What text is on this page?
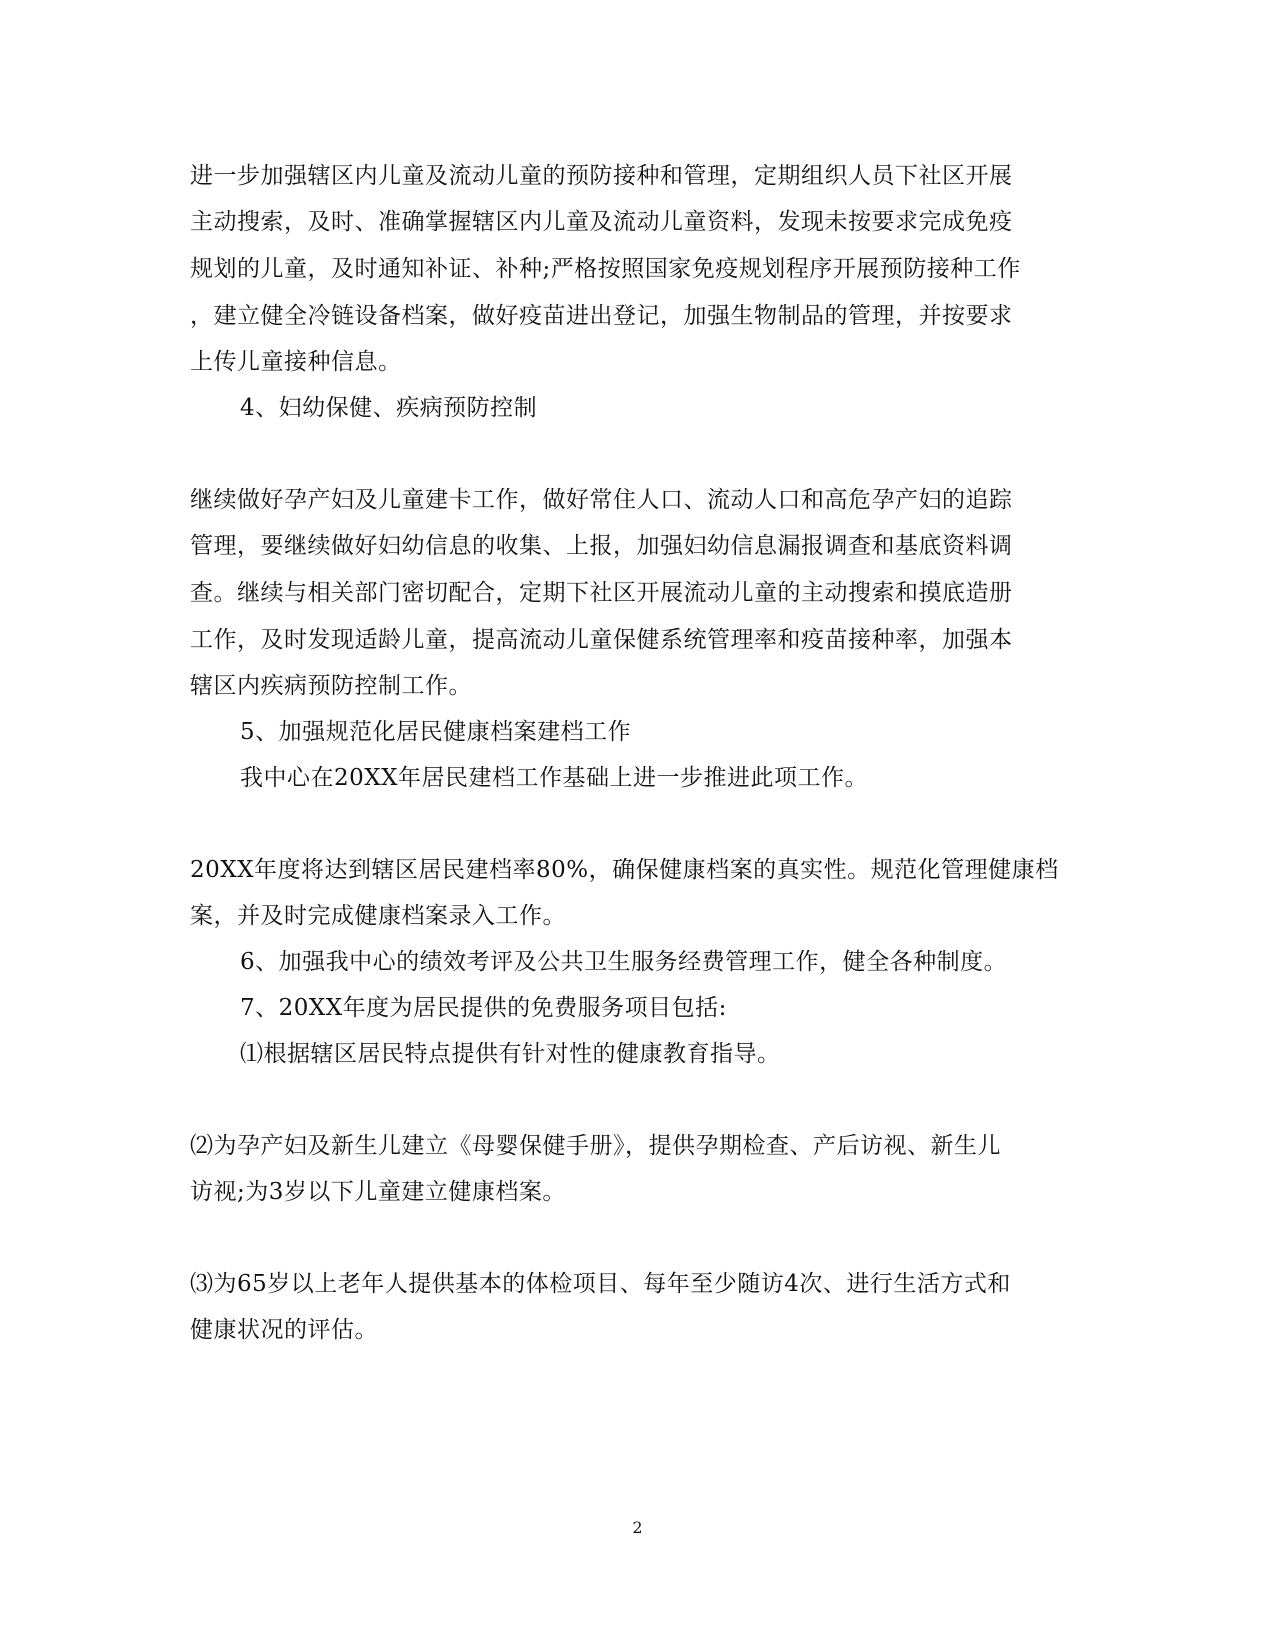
进一步加强辖区内儿童及流动儿童的预防接种和管理，定期组织人员下社区开展
主动搜索，及时、准确掌握辖区内儿童及流动儿童资料，发现未按要求完成免疫
规划的儿童，及时通知补证、补种;严格按照国家免疫规划程序开展预防接种工作
，建立健全冷链设备档案，做好疫苗进出登记，加强生物制品的管理，并按要求
上传儿童接种信息。
4、妇幼保健、疾病预防控制
继续做好孕产妇及儿童建卡工作，做好常住人口、流动人口和高危孕产妇的追踪
管理，要继续做好妇幼信息的收集、上报，加强妇幼信息漏报调查和基底资料调
查。继续与相关部门密切配合，定期下社区开展流动儿童的主动搜索和摸底造册
工作，及时发现适龄儿童，提高流动儿童保健系统管理率和疫苗接种率，加强本
辖区内疾病预防控制工作。
5、加强规范化居民健康档案建档工作
我中心在20XX年居民建档工作基础上进一步推进此项工作。
20XX年度将达到辖区居民建档率80%，确保健康档案的真实性。规范化管理健康档
案，并及时完成健康档案录入工作。
6、加强我中心的绩效考评及公共卫生服务经费管理工作，健全各种制度。
7、20XX年度为居民提供的免费服务项目包括:
⑴根据辖区居民特点提供有针对性的健康教育指导。
⑵为孕产妇及新生儿建立《母婴保健手册》，提供孕期检查、产后访视、新生儿
访视;为3岁以下儿童建立健康档案。
⑶为65岁以上老年人提供基本的体检项目、每年至少随访4次、进行生活方式和
健康状况的评估。
2
